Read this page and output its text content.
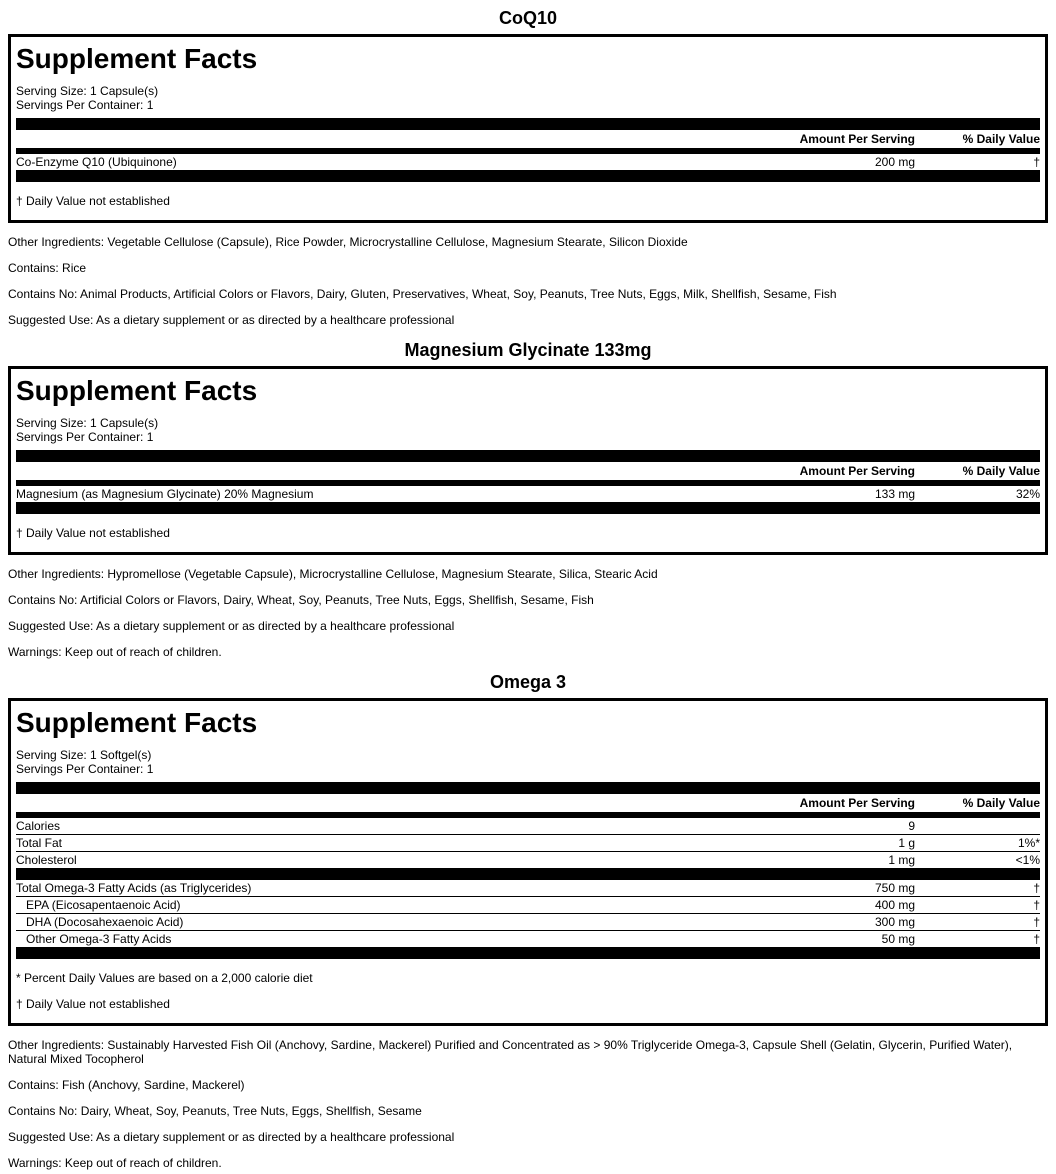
CoQ10
Supplement Facts
Serving Size: 1 Capsule(s)
Servings Per Container: 1
Amount Per Serving	% Daily Value
Co-Enzyme Q10 (Ubiquinone)	200 mg	†
† Daily Value not established

Other Ingredients: Vegetable Cellulose (Capsule), Rice Powder, Microcrystalline Cellulose, Magnesium Stearate, Silicon Dioxide

Contains: Rice

Contains No: Animal Products, Artificial Colors or Flavors, Dairy, Gluten, Preservatives, Wheat, Soy, Peanuts, Tree Nuts, Eggs, Milk, Shellfish, Sesame, Fish

Suggested Use: As a dietary supplement or as directed by a healthcare professional

Magnesium Glycinate 133mg
Supplement Facts
Serving Size: 1 Capsule(s)
Servings Per Container: 1
Amount Per Serving	% Daily Value
Magnesium (as Magnesium Glycinate) 20% Magnesium	133 mg	32%
† Daily Value not established

Other Ingredients: Hypromellose (Vegetable Capsule), Microcrystalline Cellulose, Magnesium Stearate, Silica, Stearic Acid

Contains No: Artificial Colors or Flavors, Dairy, Wheat, Soy, Peanuts, Tree Nuts, Eggs, Shellfish, Sesame, Fish

Suggested Use: As a dietary supplement or as directed by a healthcare professional

Warnings: Keep out of reach of children.

Omega 3
Supplement Facts
Serving Size: 1 Softgel(s)
Servings Per Container: 1
Amount Per Serving	% Daily Value
Calories	9
Total Fat	1 g	1%*
Cholesterol	1 mg	<1%
Total Omega-3 Fatty Acids (as Triglycerides)	750 mg	†
EPA (Eicosapentaenoic Acid)	400 mg	†
DHA (Docosahexaenoic Acid)	300 mg	†
Other Omega-3 Fatty Acids	50 mg	†
* Percent Daily Values are based on a 2,000 calorie diet
† Daily Value not established

Other Ingredients: Sustainably Harvested Fish Oil (Anchovy, Sardine, Mackerel) Purified and Concentrated as > 90% Triglyceride Omega-3, Capsule Shell (Gelatin, Glycerin, Purified Water), Natural Mixed Tocopherol

Contains: Fish (Anchovy, Sardine, Mackerel)

Contains No: Dairy, Wheat, Soy, Peanuts, Tree Nuts, Eggs, Shellfish, Sesame

Suggested Use: As a dietary supplement or as directed by a healthcare professional

Warnings: Keep out of reach of children.
